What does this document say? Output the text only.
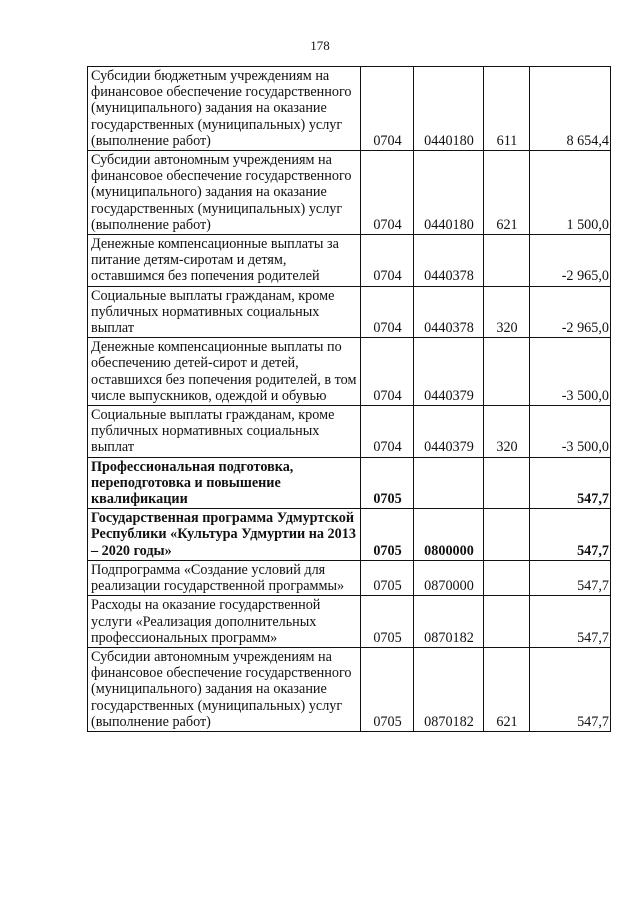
178
Субсидии бюджетным учреждениям на финансовое обеспечение государственного (муниципального) задания на оказание государственных (муниципальных) услуг (выполнение работ)	0704	0440180	611	8 654,4
Субсидии автономным учреждениям на финансовое обеспечение государственного (муниципального) задания на оказание государственных (муниципальных) услуг (выполнение работ)	0704	0440180	621	1 500,0
Денежные компенсационные выплаты за питание детям-сиротам и детям, оставшимся без попечения родителей	0704	0440378		-2 965,0
Социальные выплаты гражданам, кроме публичных нормативных социальных выплат	0704	0440378	320	-2 965,0
Денежные компенсационные выплаты по обеспечению детей-сирот и детей, оставшихся без попечения родителей, в том числе выпускников, одеждой и обувью	0704	0440379		-3 500,0
Социальные выплаты гражданам, кроме публичных нормативных социальных выплат	0704	0440379	320	-3 500,0
Профессиональная подготовка, переподготовка и повышение квалификации	0705			547,7
Государственная программа Удмуртской Республики «Культура Удмуртии на 2013 – 2020 годы»	0705	0800000		547,7
Подпрограмма «Создание условий для реализации государственной программы»	0705	0870000		547,7
Расходы на оказание государственной услуги «Реализация дополнительных профессиональных программ»	0705	0870182		547,7
Субсидии автономным учреждениям на финансовое обеспечение государственного (муниципального) задания на оказание государственных (муниципальных) услуг (выполнение работ)	0705	0870182	621	547,7
